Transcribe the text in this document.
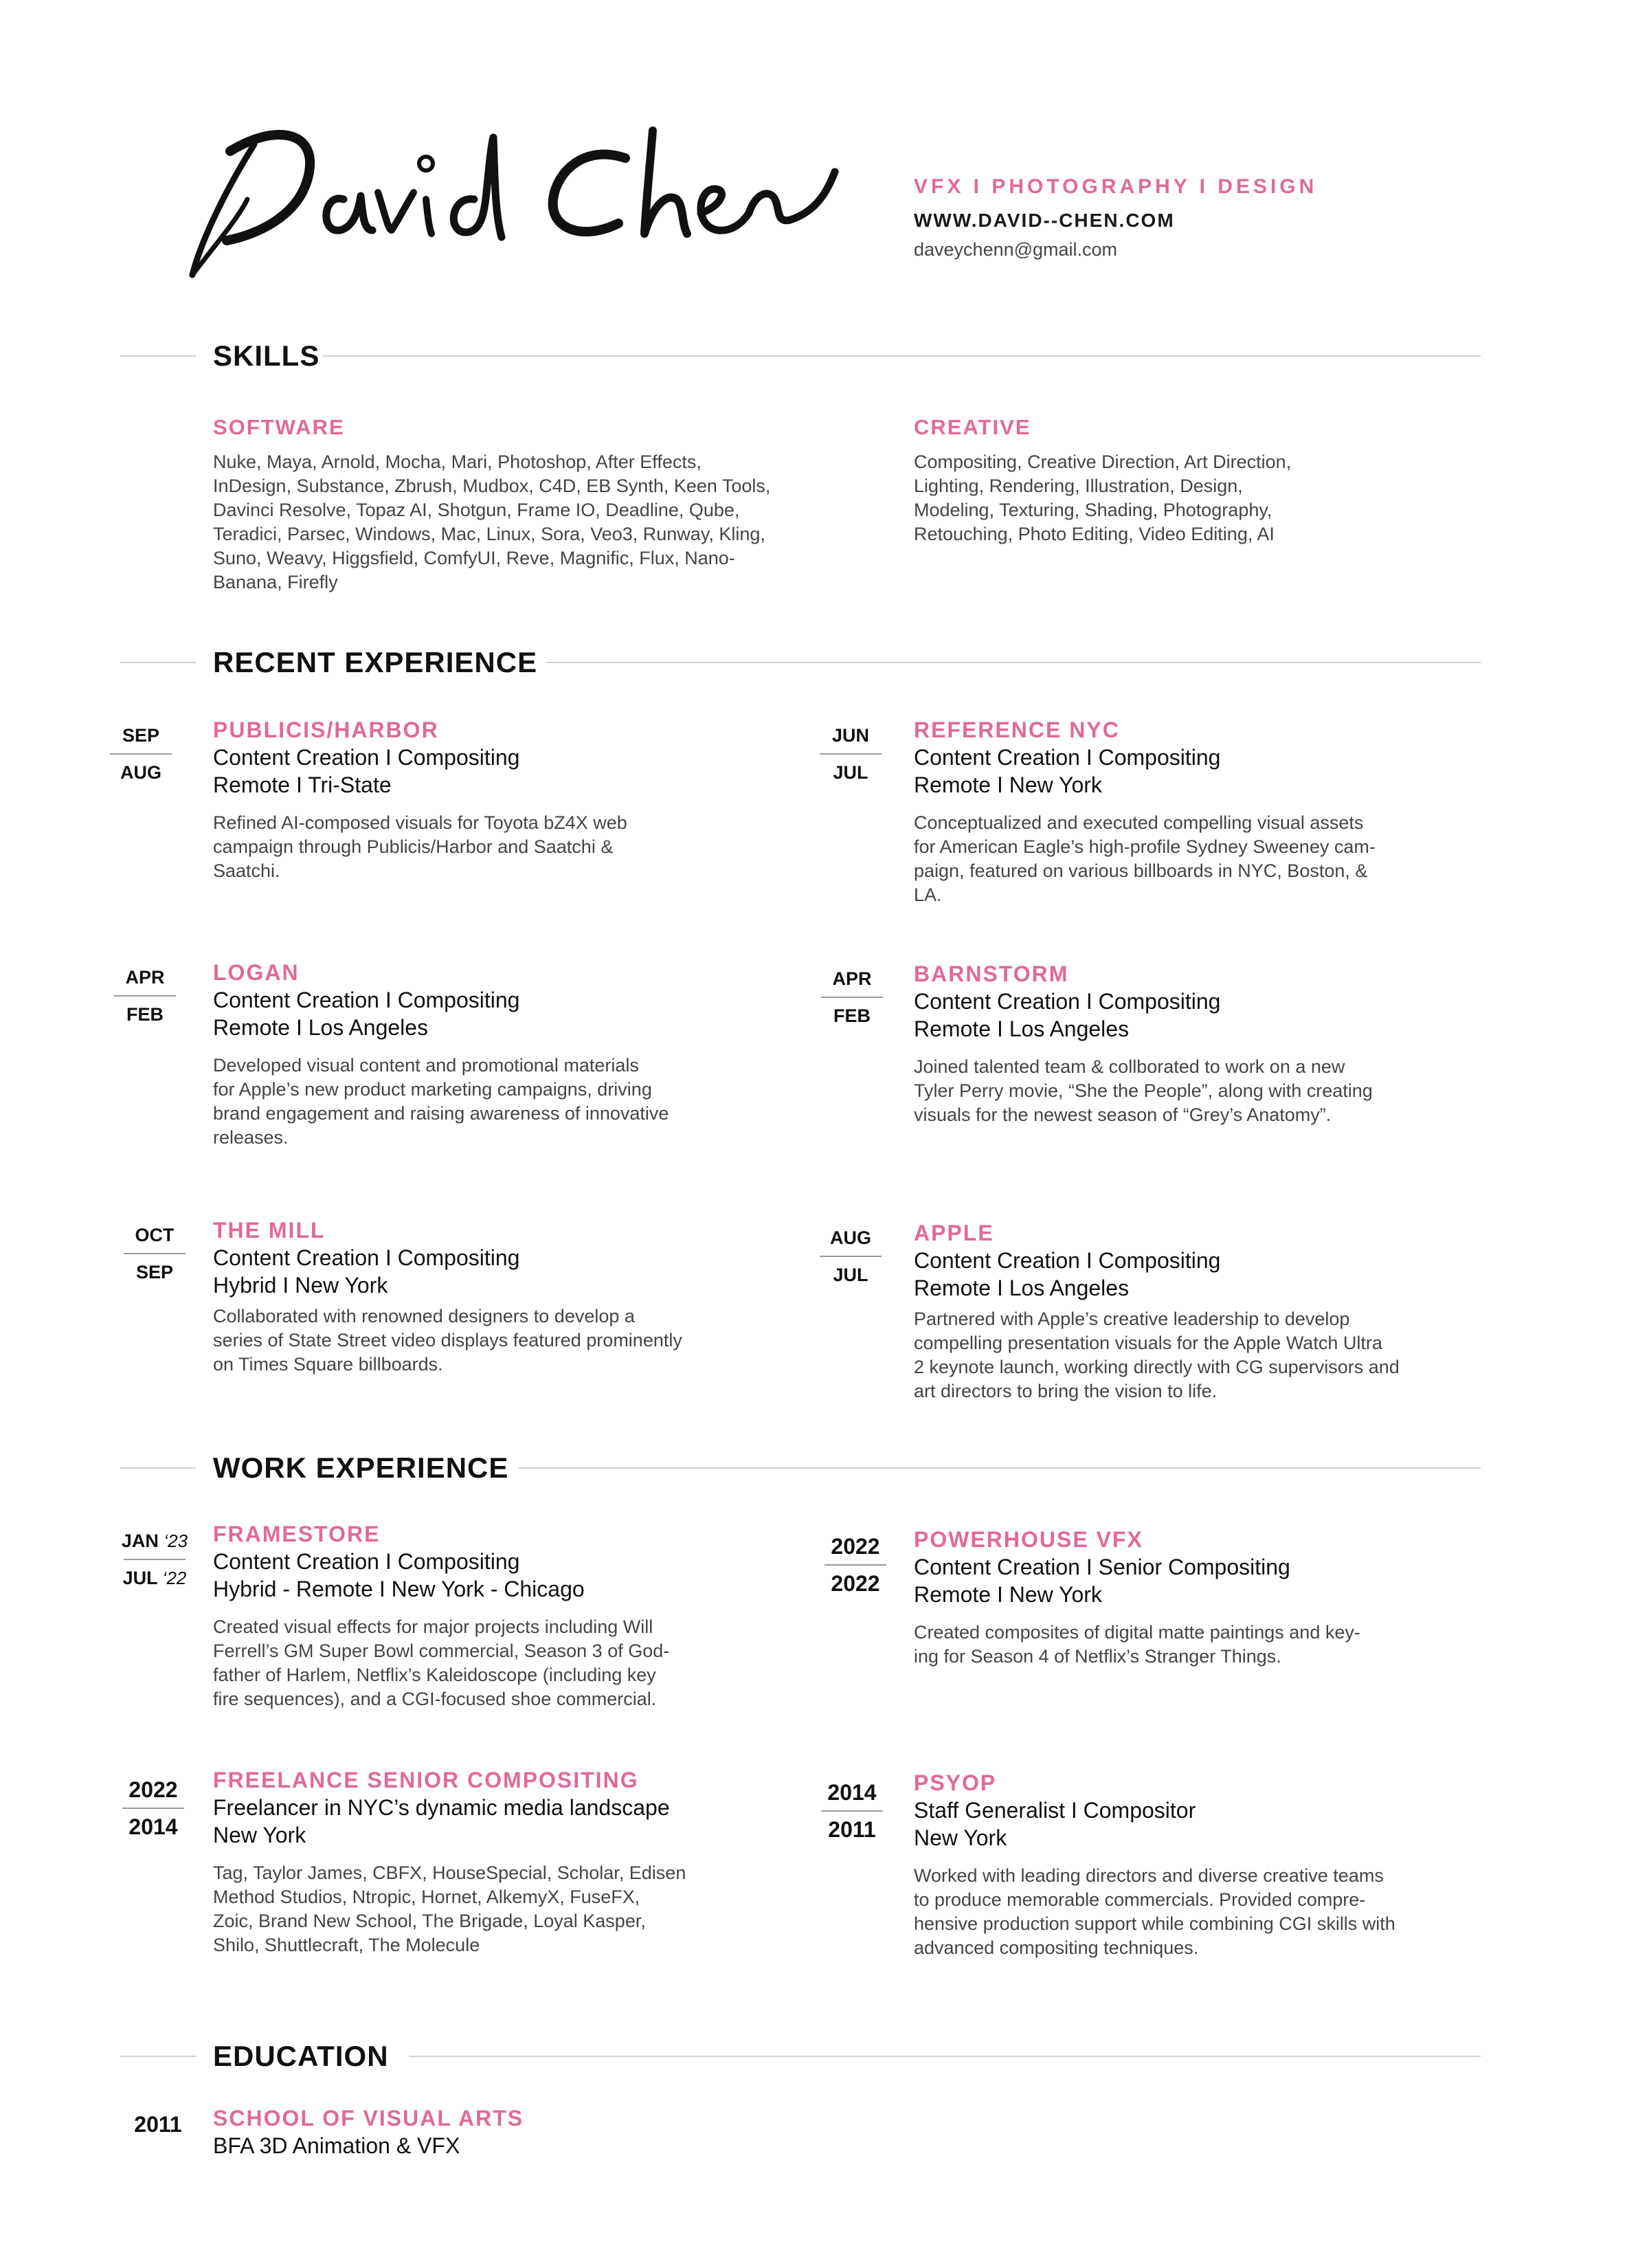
VFX I PHOTOGRAPHY I DESIGN
WWW.DAVID--CHEN.COM
daveychenn@gmail.com
SKILLS
SOFTWARE
Nuke, Maya, Arnold, Mocha, Mari, Photoshop, After Effects,
InDesign, Substance, Zbrush, Mudbox, C4D, EB Synth, Keen Tools,
Davinci Resolve, Topaz AI, Shotgun, Frame IO, Deadline, Qube,
Teradici, Parsec, Windows, Mac, Linux, Sora, Veo3, Runway, Kling,
Suno, Weavy, Higgsfield, ComfyUI, Reve, Magnific, Flux, Nano-
Banana, Firefly
CREATIVE
Compositing, Creative Direction, Art Direction,
Lighting, Rendering, Illustration, Design,
Modeling, Texturing, Shading, Photography,
Retouching, Photo Editing, Video Editing, AI
RECENT EXPERIENCE
SEP
AUG
PUBLICIS/HARBOR
Content Creation I Compositing
Remote I Tri-State
Refined AI-composed visuals for Toyota bZ4X web
campaign through Publicis/Harbor and Saatchi &
Saatchi.
JUN
JUL
REFERENCE NYC
Content Creation I Compositing
Remote I New York
Conceptualized and executed compelling visual assets
for American Eagle’s high-profile Sydney Sweeney cam-
paign, featured on various billboards in NYC, Boston, &
LA.
APR
FEB
LOGAN
Content Creation I Compositing
Remote I Los Angeles
Developed visual content and promotional materials
for Apple’s new product marketing campaigns, driving
brand engagement and raising awareness of innovative
releases.
APR
FEB
BARNSTORM
Content Creation I Compositing
Remote I Los Angeles
Joined talented team & collborated to work on a new
Tyler Perry movie, “She the People”, along with creating
visuals for the newest season of “Grey’s Anatomy”.
OCT
SEP
THE MILL
Content Creation I Compositing
Hybrid I New York
Collaborated with renowned designers to develop a
series of State Street video displays featured prominently
on Times Square billboards.
AUG
JUL
APPLE
Content Creation I Compositing
Remote I Los Angeles
Partnered with Apple’s creative leadership to develop
compelling presentation visuals for the Apple Watch Ultra
2 keynote launch, working directly with CG supervisors and
art directors to bring the vision to life.
WORK EXPERIENCE
JAN ‘23
JUL ‘22
FRAMESTORE
Content Creation I Compositing
Hybrid - Remote I New York - Chicago
Created visual effects for major projects including Will
Ferrell’s GM Super Bowl commercial, Season 3 of God-
father of Harlem, Netflix’s Kaleidoscope (including key
fire sequences), and a CGI-focused shoe commercial.
2022
2022
POWERHOUSE VFX
Content Creation I Senior Compositing
Remote I New York
Created composites of digital matte paintings and key-
ing for Season 4 of Netflix’s Stranger Things.
2022
2014
FREELANCE SENIOR COMPOSITING
Freelancer in NYC’s dynamic media landscape
New York
Tag, Taylor James, CBFX, HouseSpecial, Scholar, Edisen
Method Studios, Ntropic, Hornet, AlkemyX, FuseFX,
Zoic, Brand New School, The Brigade, Loyal Kasper,
Shilo, Shuttlecraft, The Molecule
2014
2011
PSYOP
Staff Generalist I Compositor
New York
Worked with leading directors and diverse creative teams
to produce memorable commercials. Provided compre-
hensive production support while combining CGI skills with
advanced compositing techniques.
EDUCATION
2011	SCHOOL OF VISUAL ARTS
BFA 3D Animation & VFX
